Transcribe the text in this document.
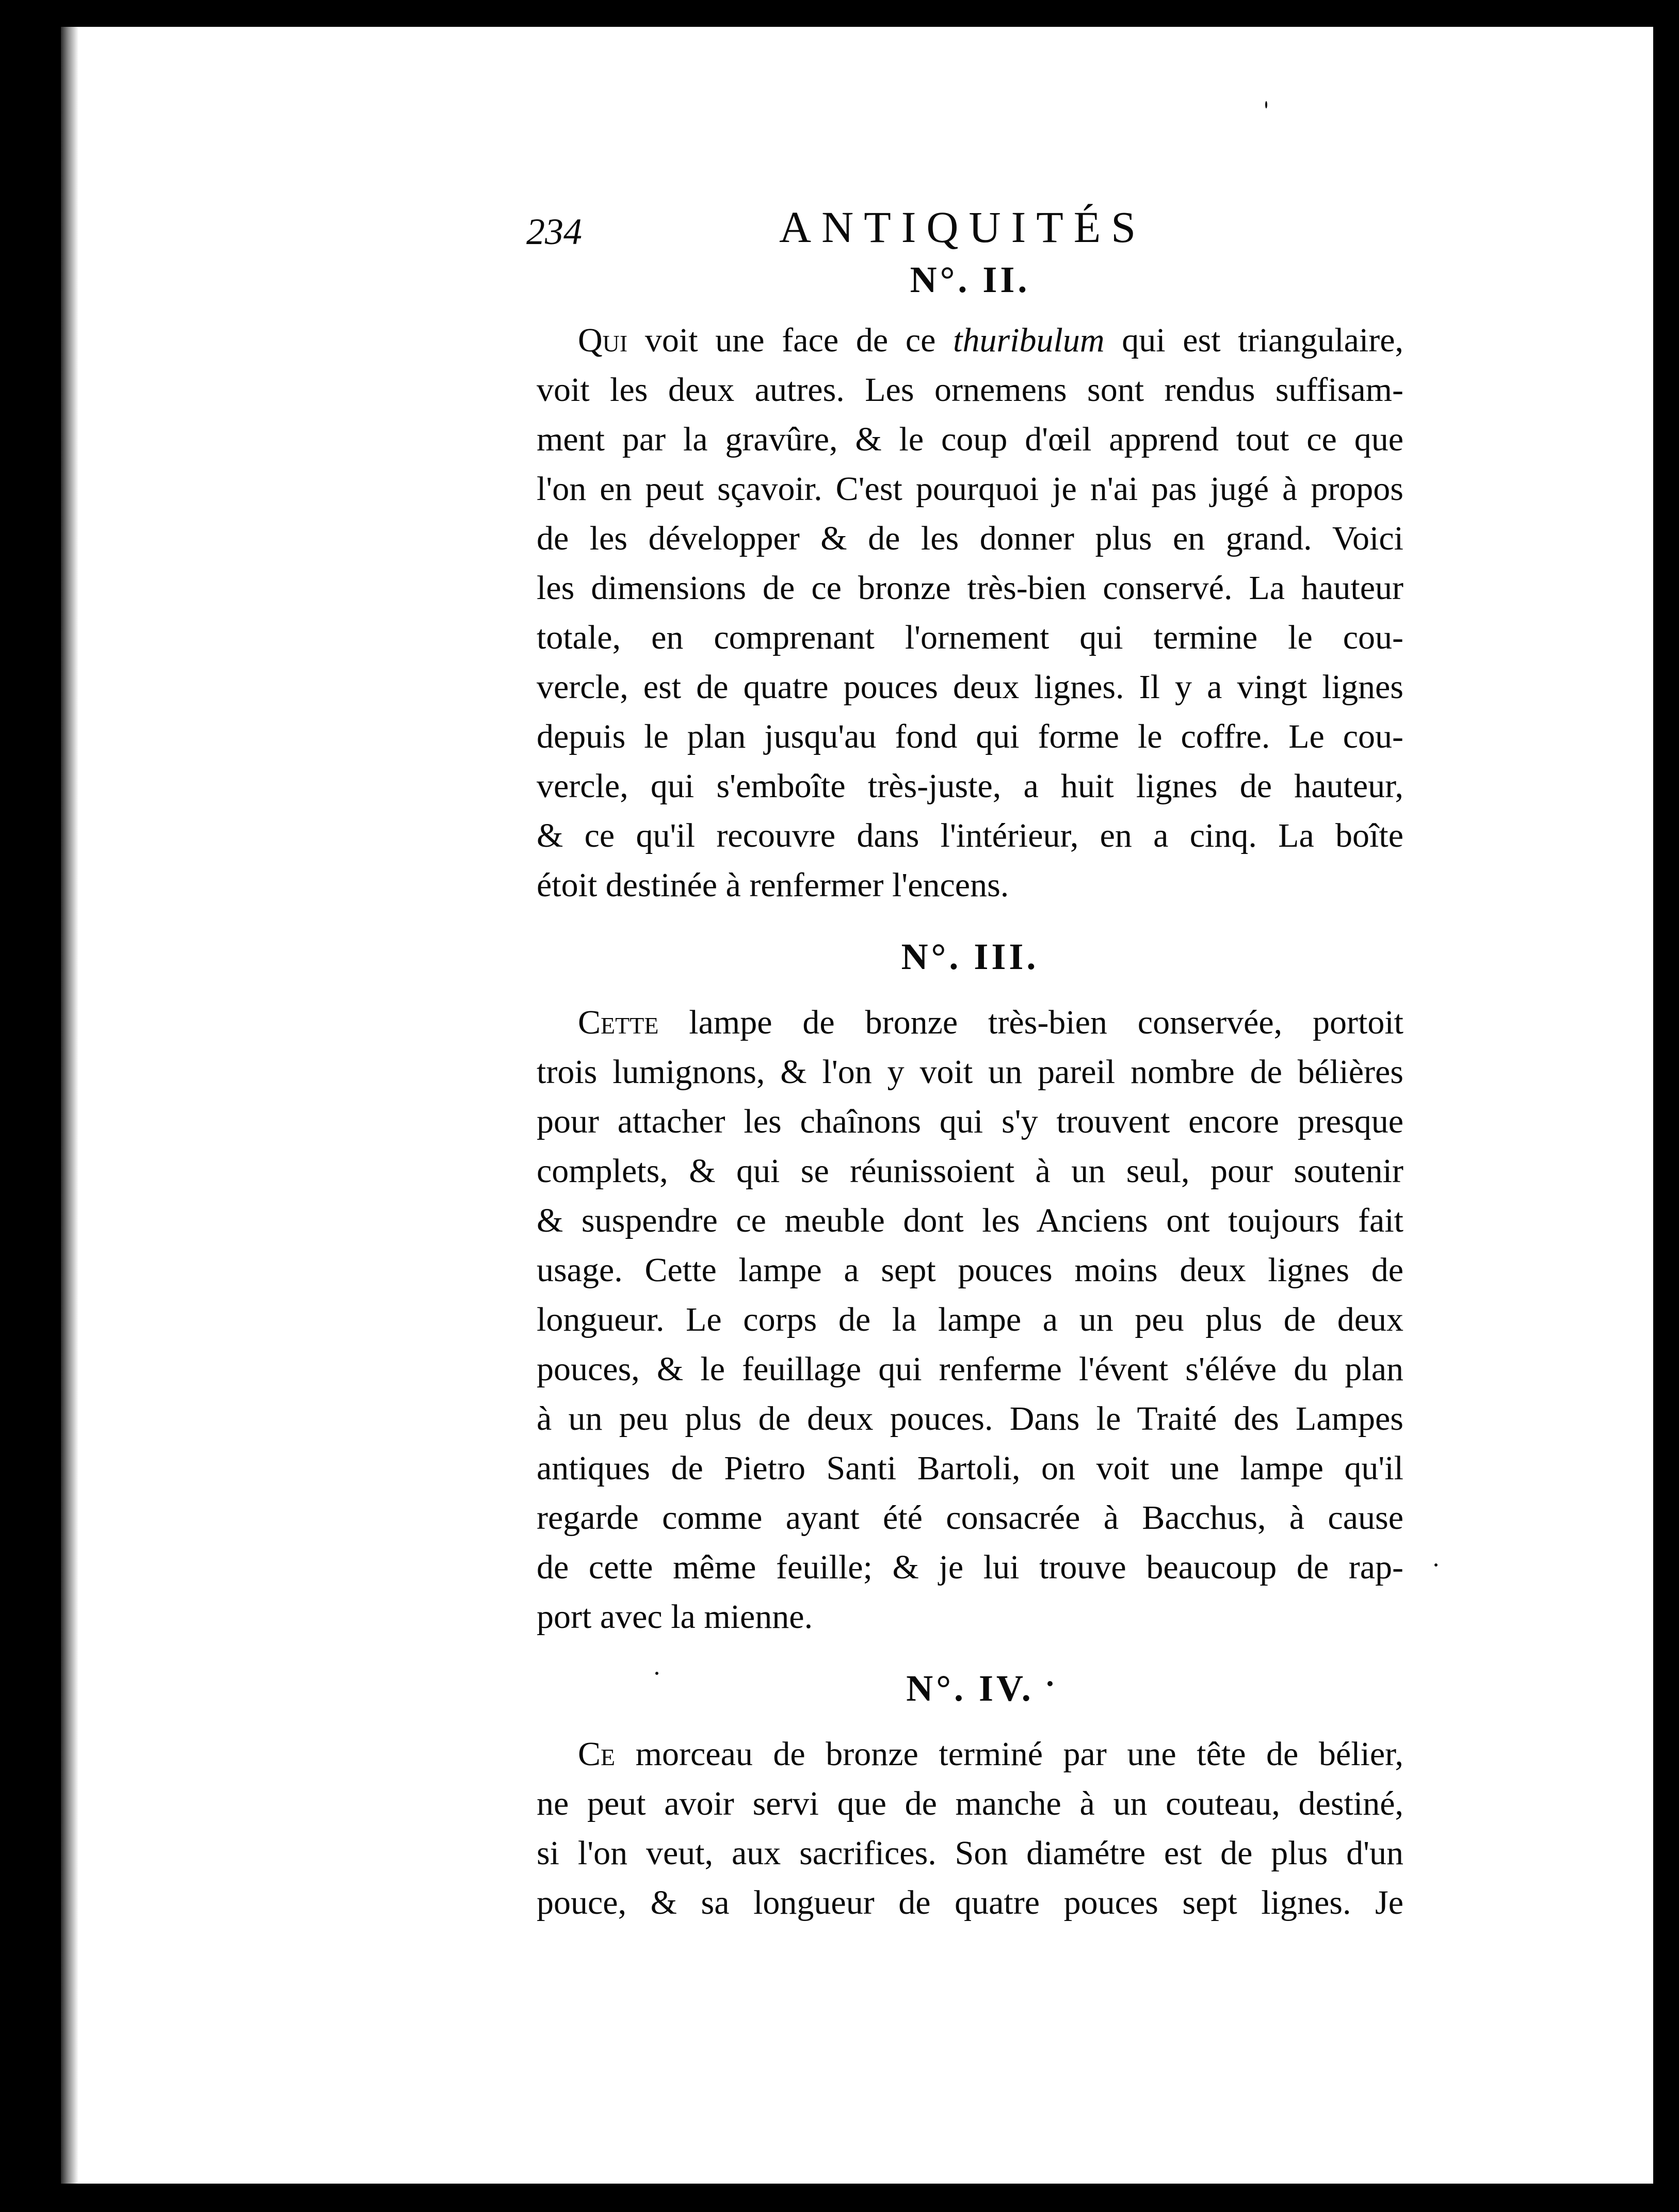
234	ANTIQUITÉS
N°. II.
Qui voit une face de ce thuribulum qui est triangulaire,
voit les deux autres. Les ornemens sont rendus suffisam-
ment par la gravûre, & le coup d'œil apprend tout ce que
l'on en peut sçavoir. C'est pourquoi je n'ai pas jugé à propos
de les développer & de les donner plus en grand. Voici
les dimensions de ce bronze très-bien conservé. La hauteur
totale, en comprenant l'ornement qui termine le cou-
vercle, est de quatre pouces deux lignes. Il y a vingt lignes
depuis le plan jusqu'au fond qui forme le coffre. Le cou-
vercle, qui s'emboîte très-juste, a huit lignes de hauteur,
& ce qu'il recouvre dans l'intérieur, en a cinq. La boîte
étoit destinée à renfermer l'encens.
N°. III.
Cette lampe de bronze très-bien conservée, portoit
trois lumignons, & l'on y voit un pareil nombre de bélières
pour attacher les chaînons qui s'y trouvent encore presque
complets, & qui se réunissoient à un seul, pour soutenir
& suspendre ce meuble dont les Anciens ont toujours fait
usage. Cette lampe a sept pouces moins deux lignes de
longueur. Le corps de la lampe a un peu plus de deux
pouces, & le feuillage qui renferme l'évent s'éléve du plan
à un peu plus de deux pouces. Dans le Traité des Lampes
antiques de Pietro Santi Bartoli, on voit une lampe qu'il
regarde comme ayant été consacrée à Bacchus, à cause
de cette même feuille; & je lui trouve beaucoup de rap-
port avec la mienne.
N°. IV.
Ce morceau de bronze terminé par une tête de bélier,
ne peut avoir servi que de manche à un couteau, destiné,
si l'on veut, aux sacrifices. Son diamétre est de plus d'un
pouce, & sa longueur de quatre pouces sept lignes. Je
